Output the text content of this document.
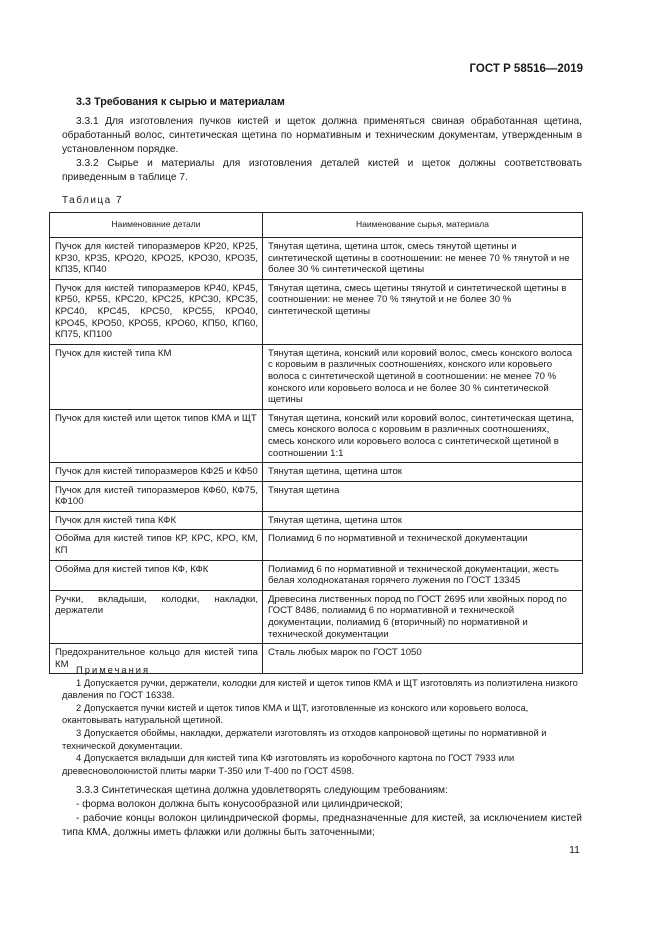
ГОСТ Р 58516—2019
3.3 Требования к сырью и материалам

3.3.1 Для изготовления пучков кистей и щеток должна применяться свиная обработанная щетина, обработанный волос, синтетическая щетина по нормативным и техническим документам, утвержденным в установленном порядке.

3.3.2 Сырье и материалы для изготовления деталей кистей и щеток должны соответствовать приведенным в таблице 7.

Таблица 7
Наименование детали	Наименование сырья, материала
Пучок для кистей типоразмеров КР20, КР25, КР30, КР35, КРО20, КРО25, КРО30, КРО35, КП35, КП40	Тянутая щетина, щетина шток, смесь тянутой щетины и синтетической щетины в соотношении: не менее 70 % тянутой и не более 30 % синтетической щетины
Пучок для кистей типоразмеров КР40, КР45, КР50, КР55, КРС20, КРС25, КРС30, КРС35, КРС40, КРС45, КРС50, КРС55, КРО40, КРО45, КРО50, КРО55, КРО60, КП50, КП60, КП75, КП100	Тянутая щетина, смесь щетины тянутой и синтетической щетины в соотношении: не менее 70 % тянутой и не более 30 % синтетической щетины
Пучок для кистей типа КМ	Тянутая щетина, конский или коровий волос, смесь конского волоса с коровьим в различных соотношениях, конского или коровьего волоса с синтетической щетиной в соотношении: не менее 70 % конского или коровьего волоса и не более 30 % синтетической щетины
Пучок для кистей или щеток типов КМА и ЩТ	Тянутая щетина, конский или коровий волос, синтетическая щетина, смесь конского волоса с коровьим в различных соотношениях, смесь конского или коровьего волоса с синтетической щетиной в соотношении 1:1
Пучок для кистей типоразмеров КФ25 и КФ50	Тянутая щетина, щетина шток
Пучок для кистей типоразмеров КФ60, КФ75, КФ100	Тянутая щетина
Пучок для кистей типа КФК	Тянутая щетина, щетина шток
Обойма для кистей типов КР, КРС, КРО, КМ, КП	Полиамид 6 по нормативной и технической документации
Обойма для кистей типов КФ, КФК	Полиамид 6 по нормативной и технической документации, жесть белая холоднокатаная горячего лужения по ГОСТ 13345
Ручки, вкладыши, колодки, накладки, держатели	Древесина лиственных пород по ГОСТ 2695 или хвойных пород по ГОСТ 8486, полиамид 6 по нормативной и технической документации, полиамид 6 (вторичный) по нормативной и технической документации
Предохранительное кольцо для кистей типа КМ	Сталь любых марок по ГОСТ 1050
Примечания

1 Допускается ручки, держатели, колодки для кистей и щеток типов КМА и ЩТ изготовлять из полиэтилена низкого давления по ГОСТ 16338.

2 Допускается пучки кистей и щеток типов КМА и ЩТ, изготовленные из конского или коровьего волоса, окантовывать натуральной щетиной.

3 Допускается обоймы, накладки, держатели изготовлять из отходов капроновой щетины по нормативной и технической документации.

4 Допускается вкладыши для кистей типа КФ изготовлять из коробочного картона по ГОСТ 7933 или древесноволокнистой плиты марки Т-350 или Т-400 по ГОСТ 4598.

3.3.3 Синтетическая щетина должна удовлетворять следующим требованиям:

- форма волокон должна быть конусообразной или цилиндрической;

- рабочие концы волокон цилиндрической формы, предназначенные для кистей, за исключением кистей типа КМА, должны иметь флажки или должны быть заточенными;

11
